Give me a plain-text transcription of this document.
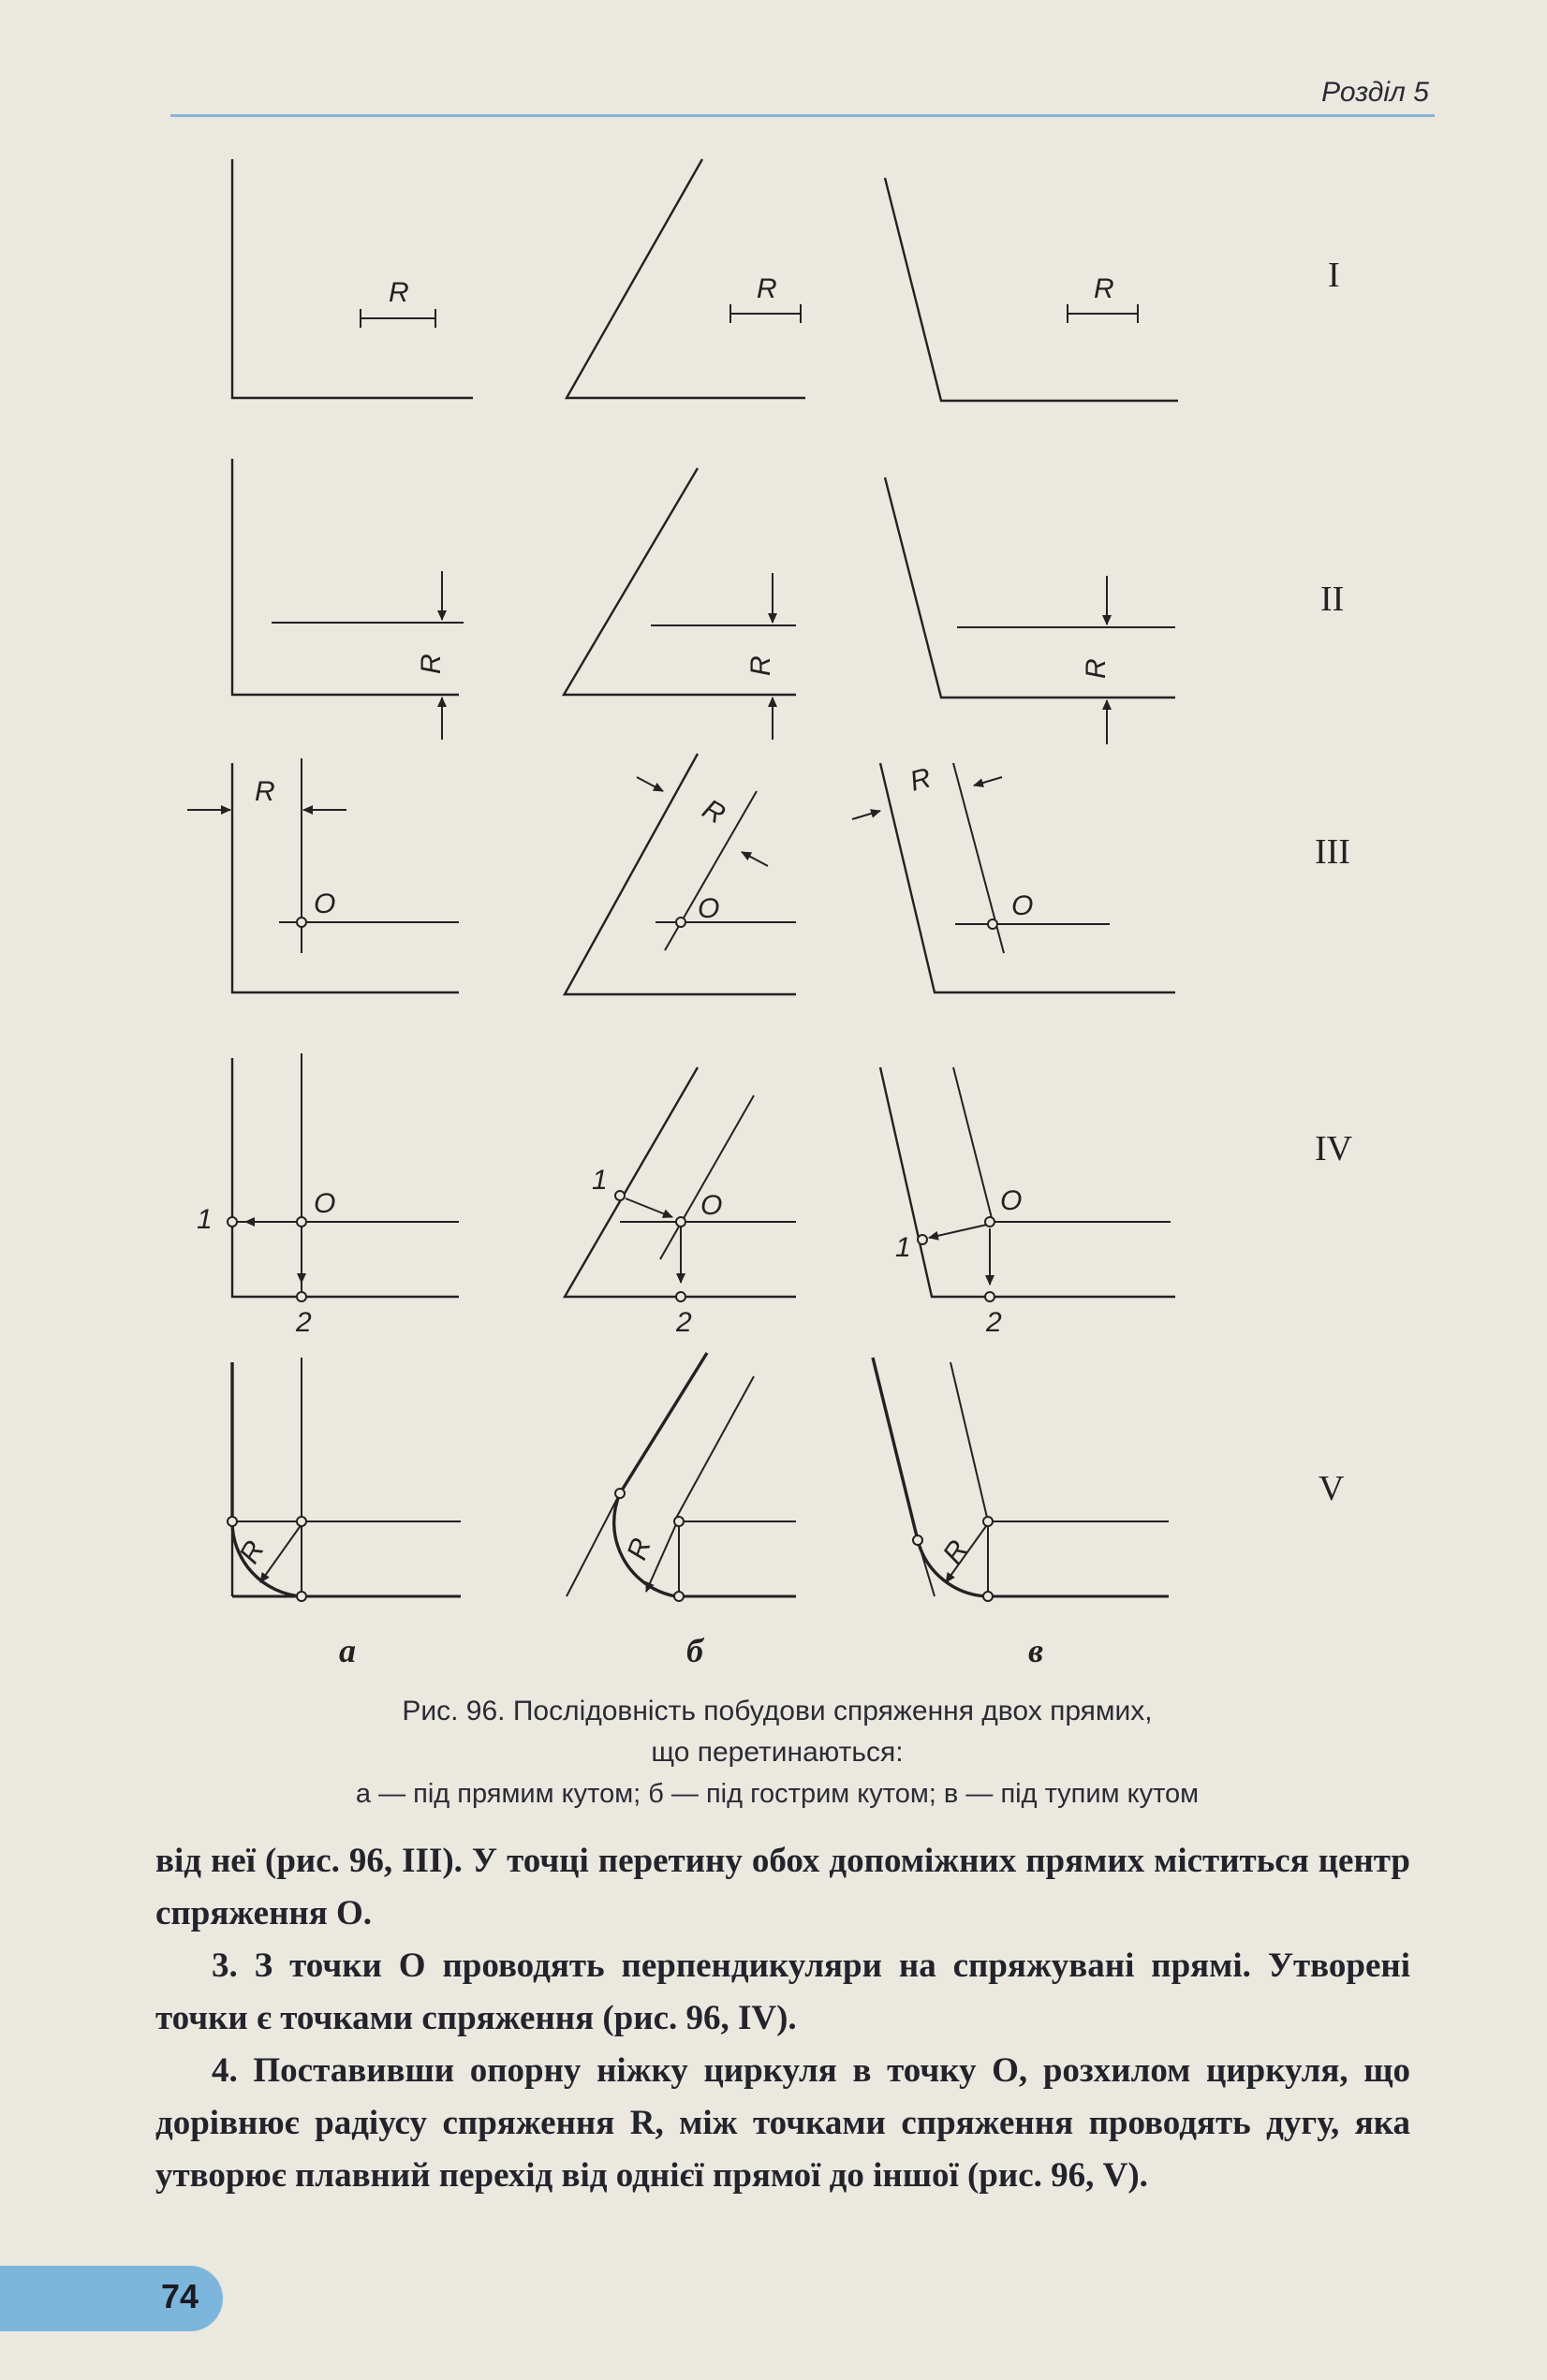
Розділ 5
R	R	R
R	R	R
R
R
R
O	O	O
O
1
2
O
1
2
O
1
2
R	R	R
I
II
III
IV
V
а	б	в
Рис. 96. Послідовність побудови спряження двох прямих,
що перетинаються:
а — під прямим кутом; б — під гострим кутом; в — під тупим кутом

від неї (рис. 96, III). У точці перетину обох допоміжних прямих міститься центр спряження O.

3. З точки O проводять перпендикуляри на спряжувані прямі. Утворені точки є точками спряження (рис. 96, IV).

4. Поставивши опорну ніжку циркуля в точку O, розхилом циркуля, що дорівнює радіусу спряження R, між точками спряження проводять дугу, яка утворює плавний перехід від однієї прямої до іншої (рис. 96, V).

74
